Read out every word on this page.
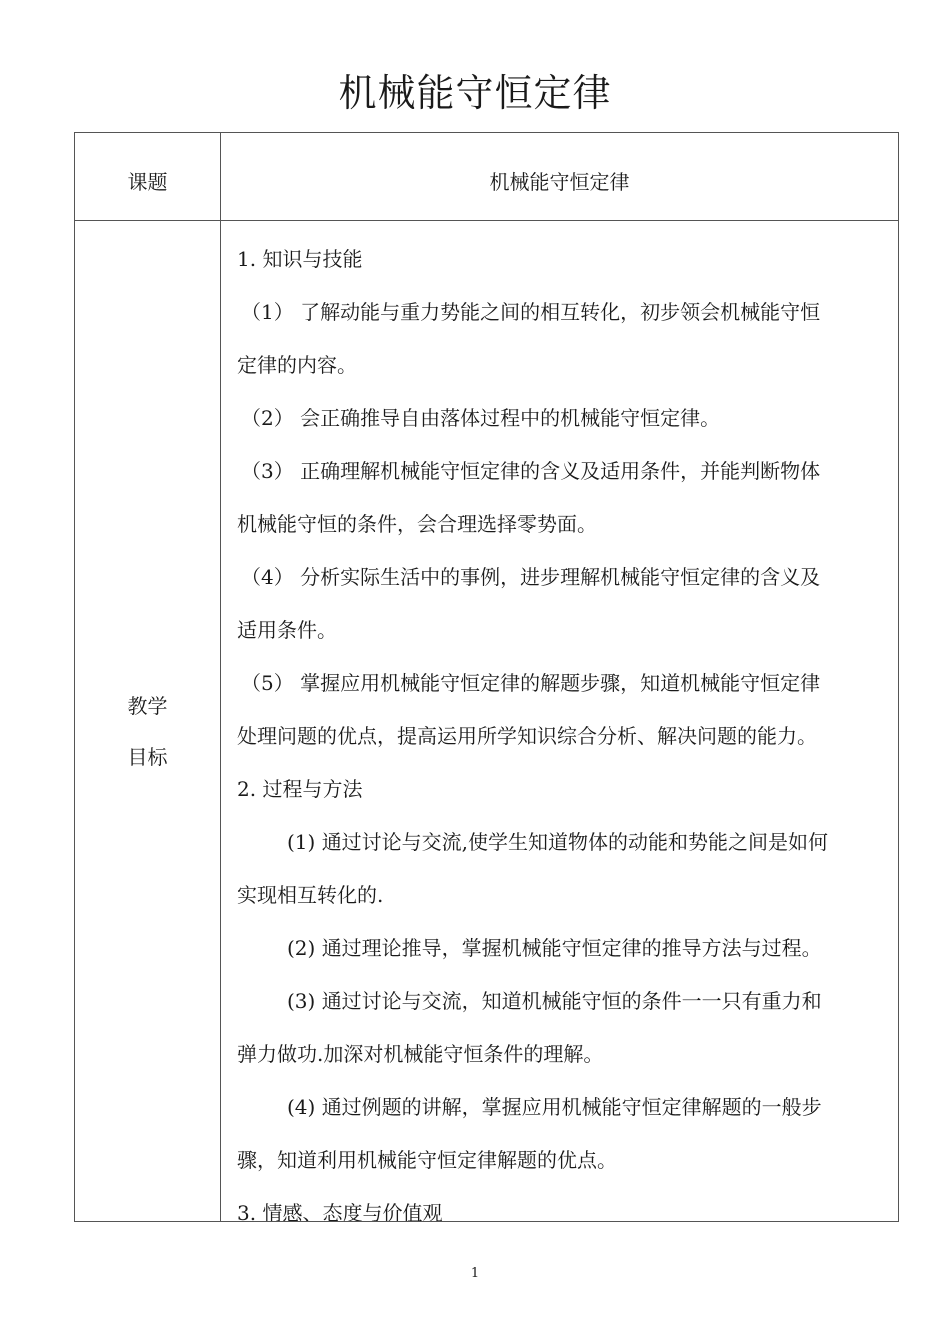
机械能守恒定律
课题	机械能守恒定律
教学
目标
1. 知识与技能
（1） 了解动能与重力势能之间的相互转化，初步领会机械能守恒
定律的内容。
（2） 会正确推导自由落体过程中的机械能守恒定律。
（3） 正确理解机械能守恒定律的含义及适用条件，并能判断物体
机械能守恒的条件，会合理选择零势面。
（4） 分析实际生活中的事例，进步理解机械能守恒定律的含义及
适用条件。
（5） 掌握应用机械能守恒定律的解题步骤，知道机械能守恒定律
处理问题的优点，提高运用所学知识综合分析、解决问题的能力。
2. 过程与方法
(1) 通过讨论与交流,使学生知道物体的动能和势能之间是如何
实现相互转化的.
(2) 通过理论推导，掌握机械能守恒定律的推导方法与过程。
(3) 通过讨论与交流，知道机械能守恒的条件一一只有重力和
弹力做功.加深对机械能守恒条件的理解。
(4) 通过例题的讲解，掌握应用机械能守恒定律解题的一般步
骤，知道利用机械能守恒定律解题的优点。
3. 情感、态度与价值观
1
